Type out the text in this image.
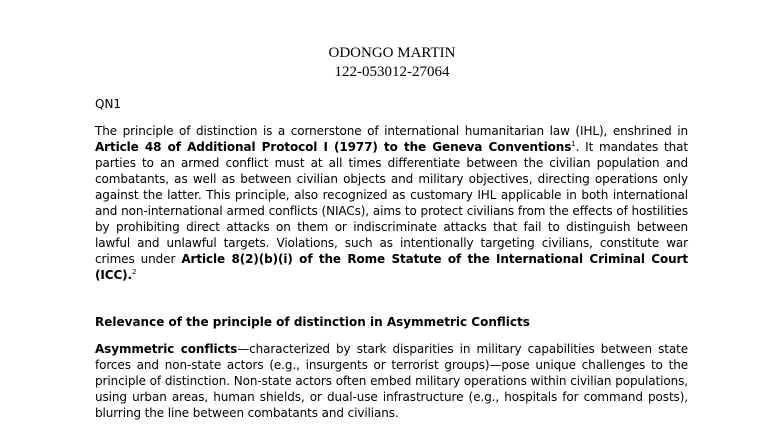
ODONGO MARTIN
122-053012-27064
QN1

The principle of distinction is a cornerstone of international humanitarian law (IHL), enshrined in Article 48 of Additional Protocol I (1977) to the Geneva Conventions$^1$. It mandates that parties to an armed conflict must at all times differentiate between the civilian population and combatants, as well as between civilian objects and military objectives, directing operations only against the latter. This principle, also recognized as customary IHL applicable in both international and non-international armed conflicts (NIACs), aims to protect civilians from the effects of hostilities by prohibiting direct attacks on them or indiscriminate attacks that fail to distinguish between lawful and unlawful targets. Violations, such as intentionally targeting civilians, constitute war crimes under Article 8(2)(b)(i) of the Rome Statute of the International Criminal Court (ICC).$^2$

Relevance of the principle of distinction in Asymmetric Conflicts

Asymmetric conflicts—characterized by stark disparities in military capabilities between state forces and non-state actors (e.g., insurgents or terrorist groups)—pose unique challenges to the principle of distinction. Non-state actors often embed military operations within civilian populations, using urban areas, human shields, or dual-use infrastructure (e.g., hospitals for command posts), blurring the line between combatants and civilians.
